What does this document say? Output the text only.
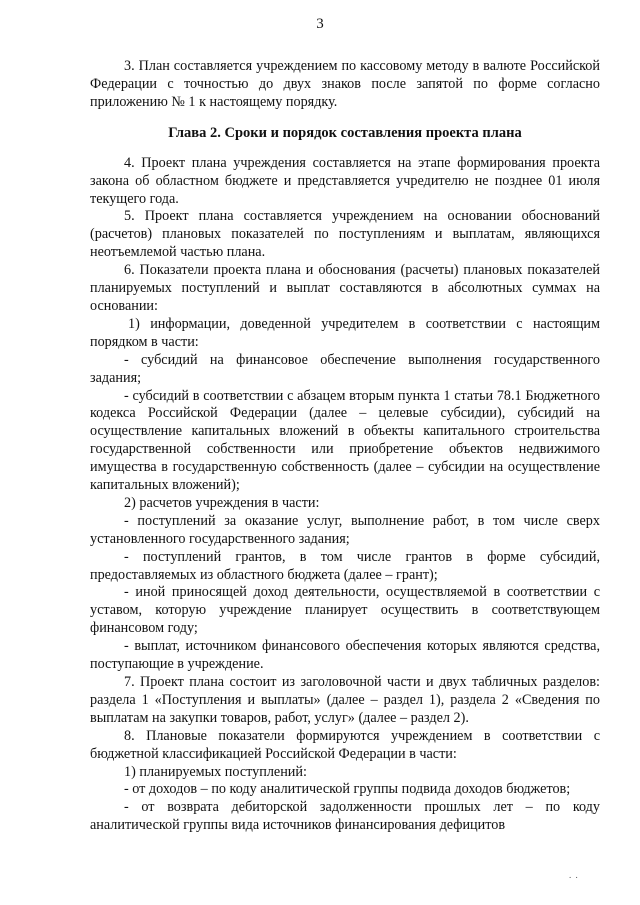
3

3. План составляется учреждением по кассовому методу в валюте Российской Федерации с точностью до двух знаков после запятой по форме согласно приложению № 1 к настоящему порядку.

Глава 2. Сроки и порядок составления проекта плана

4. Проект плана учреждения составляется на этапе формирования проекта закона об областном бюджете и представляется учредителю не позднее 01 июля текущего года.

5. Проект плана составляется учреждением на основании обоснований (расчетов) плановых показателей по поступлениям и выплатам, являющихся неотъемлемой частью плана.

6. Показатели проекта плана и обоснования (расчеты) плановых показателей планируемых поступлений и выплат составляются в абсолютных суммах на основании:

1) информации, доведенной учредителем в соответствии с настоящим порядком в части:

- субсидий на финансовое обеспечение выполнения государственного задания;

- субсидий в соответствии с абзацем вторым пункта 1 статьи 78.1 Бюджетного кодекса Российской Федерации (далее – целевые субсидии), субсидий на осуществление капитальных вложений в объекты капитального строительства государственной собственности или приобретение объектов недвижимого имущества в государственную собственность (далее – субсидии на осуществление капитальных вложений);

2) расчетов учреждения в части:

- поступлений за оказание услуг, выполнение работ, в том числе сверх установленного государственного задания;

- поступлений грантов, в том числе грантов в форме субсидий, предоставляемых из областного бюджета (далее – грант);

- иной приносящей доход деятельности, осуществляемой в соответствии с уставом, которую учреждение планирует осуществить в соответствующем финансовом году;

- выплат, источником финансового обеспечения которых являются средства, поступающие в учреждение.

7. Проект плана состоит из заголовочной части и двух табличных разделов: раздела 1 «Поступления и выплаты» (далее – раздел 1), раздела 2 «Сведения по выплатам на закупки товаров, работ, услуг» (далее – раздел 2).

8. Плановые показатели формируются учреждением в соответствии с бюджетной классификацией Российской Федерации в части:

1) планируемых поступлений:

- от доходов – по коду аналитической группы подвида доходов бюджетов;

- от возврата дебиторской задолженности прошлых лет – по коду аналитической группы вида источников финансирования дефицитов

. .
